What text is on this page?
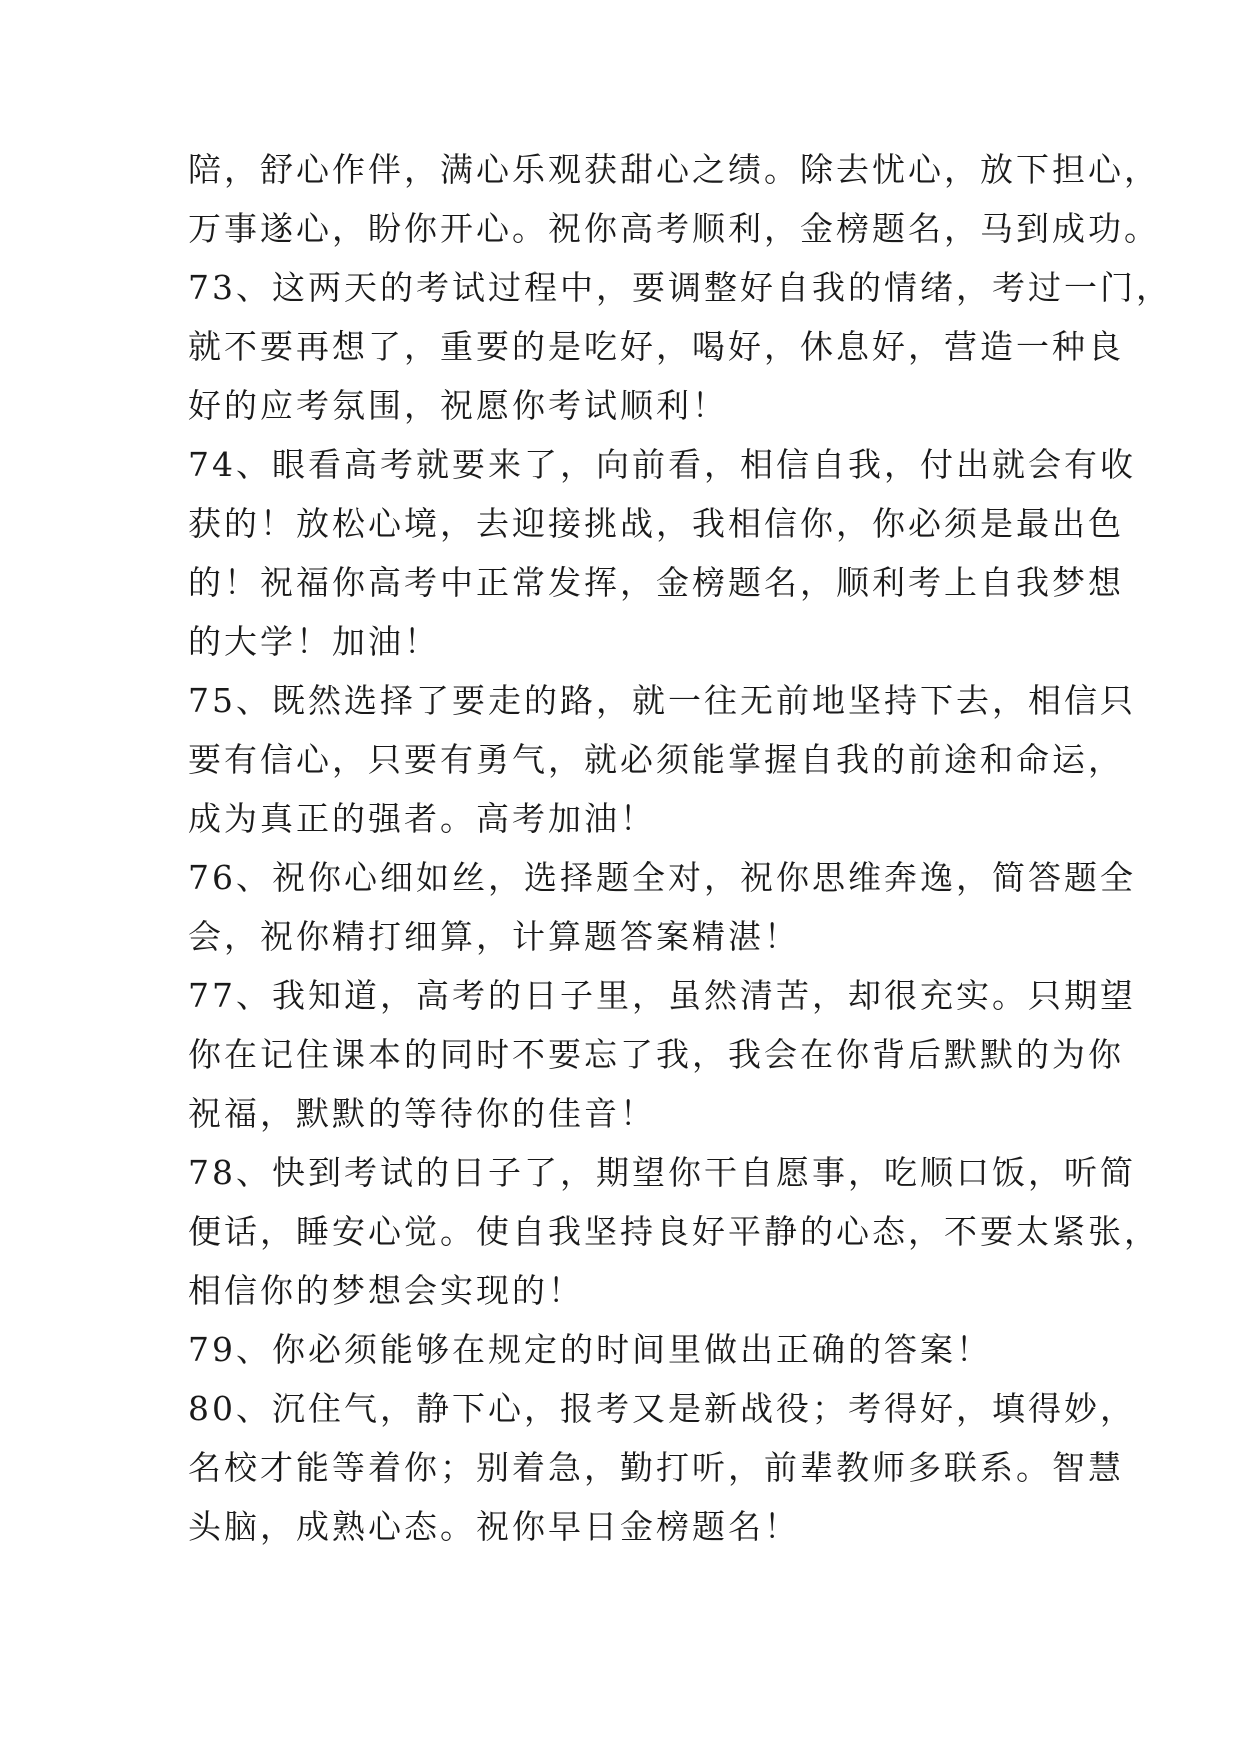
陪，舒心作伴，满心乐观获甜心之绩。除去忧心，放下担心，
万事遂心，盼你开心。祝你高考顺利，金榜题名，马到成功。
73、这两天的考试过程中，要调整好自我的情绪，考过一门，
就不要再想了，重要的是吃好，喝好，休息好，营造一种良
好的应考氛围，祝愿你考试顺利！
74、眼看高考就要来了，向前看，相信自我，付出就会有收
获的！放松心境，去迎接挑战，我相信你，你必须是最出色
的！祝福你高考中正常发挥，金榜题名，顺利考上自我梦想
的大学！加油！
75、既然选择了要走的路，就一往无前地坚持下去，相信只
要有信心，只要有勇气，就必须能掌握自我的前途和命运，
成为真正的强者。高考加油！
76、祝你心细如丝，选择题全对，祝你思维奔逸，简答题全
会，祝你精打细算，计算题答案精湛！
77、我知道，高考的日子里，虽然清苦，却很充实。只期望
你在记住课本的同时不要忘了我，我会在你背后默默的为你
祝福，默默的等待你的佳音！
78、快到考试的日子了，期望你干自愿事，吃顺口饭，听简
便话，睡安心觉。使自我坚持良好平静的心态，不要太紧张，
相信你的梦想会实现的！
79、你必须能够在规定的时间里做出正确的答案！
80、沉住气，静下心，报考又是新战役；考得好，填得妙，
名校才能等着你；别着急，勤打听，前辈教师多联系。智慧
头脑，成熟心态。祝你早日金榜题名！
